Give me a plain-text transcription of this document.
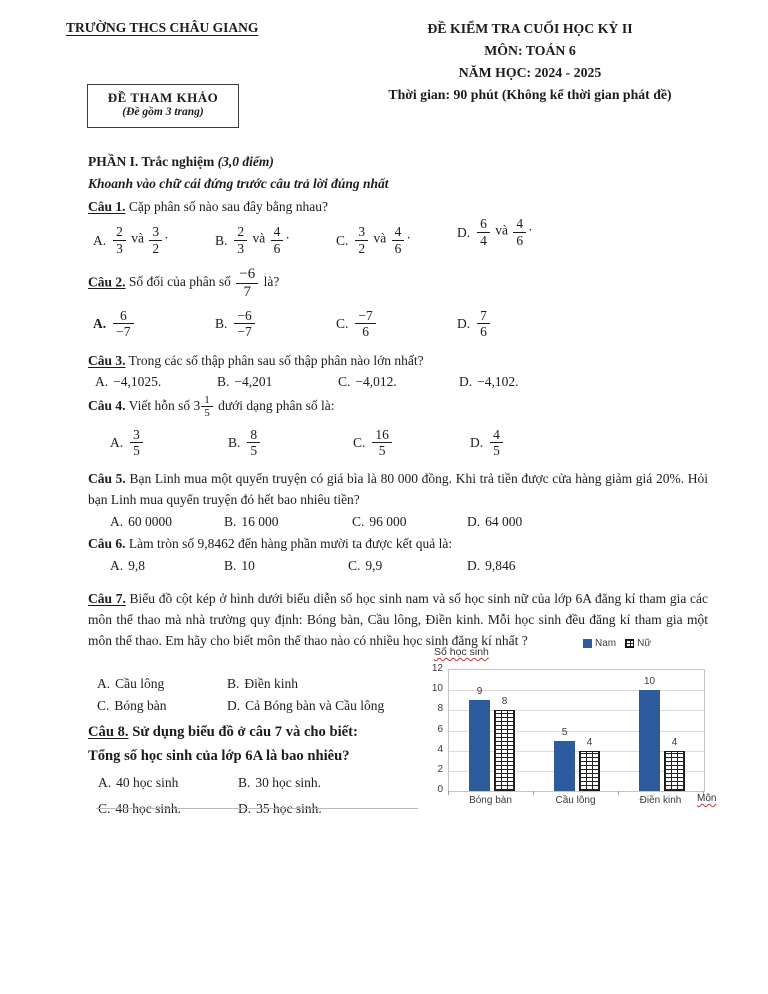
TRƯỜNG THCS CHÂU GIANG	ĐỀ KIỂM TRA CUỐI HỌC KỲ II
MÔN: TOÁN 6
NĂM HỌC: 2024 - 2025
Thời gian: 90 phút (Không kể thời gian phát đề)
ĐỀ THAM KHẢO
(Đề gồm 3 trang)
PHẦN I. Trắc nghiệm (3,0 điểm)
Khoanh vào chữ cái đứng trước câu trả lời đúng nhất
Câu 1. Cặp phân số nào sau đây bằng nhau?
A. $\frac{2}{3}$ và $\frac{3}{2}$ ·	B. $\frac{2}{3}$ và $\frac{4}{6}$ ·	C. $\frac{3}{2}$ và $\frac{4}{6}$ ·	D. $\frac{6}{4}$ và $\frac{4}{6}$ ·
Câu 2. Số đối của phân số $\frac{-6}{7}$ là?
A. $\frac{6}{-7}$	B. $\frac{-6}{-7}$	C. $\frac{-7}{6}$	D. $\frac{7}{6}$
Câu 3. Trong các số thập phân sau số thập phân nào lớn nhất?
A. −4,1025.	B. −4,201	C. −4,012.	D. −4,102.
Câu 4. Viết hỗn số $3 \frac{1}{5}$ dưới dạng phân số là:
A. $\frac{3}{5}$	B. $\frac{8}{5}$	C. $\frac{16}{5}$	D. $\frac{4}{5}$
Câu 5. Bạn Linh mua một quyển truyện có giá bìa là 80 000 đồng. Khi trả tiền được cửa hàng giảm giá 20%. Hỏi bạn Linh mua quyển truyện đó hết bao nhiêu tiền?
A. 60 0000	B. 16 000	C. 96 000	D. 64 000
Câu 6. Làm tròn số 9,8462 đến hàng phần mười ta được kết quả là:
A. 9,8	B. 10	C. 9,9	D. 9,846
Câu 7. Biểu đồ cột kép ở hình dưới biểu diễn số học sinh nam và số học sinh nữ của lớp 6A đăng kí tham gia các môn thể thao mà nhà trường quy định: Bóng bàn, Cầu lông, Điền kinh. Mỗi học sinh đều đăng kí tham gia một môn thể thao. Em hãy cho biết môn thể thao nào có nhiều học sinh đăng kí nhất ?
A. Cầu lông	B. Điền kinh
C. Bóng bàn	D. Cả Bóng bàn và Cầu lông
Câu 8. Sử dụng biểu đồ ở câu 7 và cho biết:
Tổng số học sinh của lớp 6A là bao nhiêu?
A. 40 học sinh	B. 30 học sinh.
C. 48 học sinh.	D. 35 học sinh.
Nam Nữ
Số học sinh
9
8
5
4
10
4
0
2
4
6
8
10
12
Bóng bàn	Cầu lông	Điền kinh	Môn
